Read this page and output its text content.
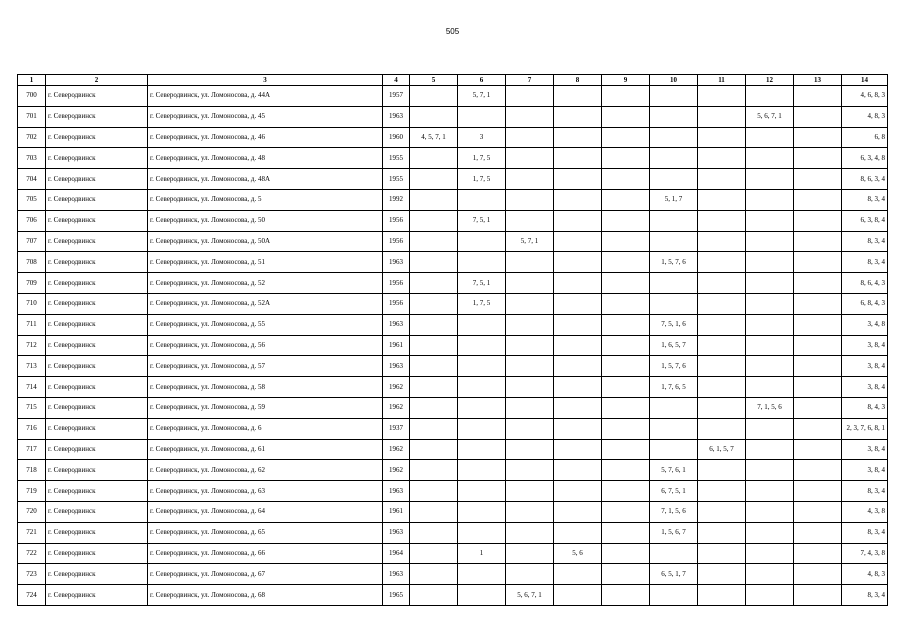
505
1	2	3	4	5	6	7	8	9	10	11	12	13	14
700	г. Северодвинск	г. Северодвинск, ул. Ломоносова, д. 44А	1957		5, 7, 1								4, 6, 8, 3
701	г. Северодвинск	г. Северодвинск, ул. Ломоносова, д. 45	1963								5, 6, 7, 1		4, 8, 3
702	г. Северодвинск	г. Северодвинск, ул. Ломоносова, д. 46	1960	4, 5, 7, 1	3								6, 8
703	г. Северодвинск	г. Северодвинск, ул. Ломоносова, д. 48	1955		1, 7, 5								6, 3, 4, 8
704	г. Северодвинск	г. Северодвинск, ул. Ломоносова, д. 48А	1955		1, 7, 5								8, 6, 3, 4
705	г. Северодвинск	г. Северодвинск, ул. Ломоносова, д. 5	1992						5, 1, 7				8, 3, 4
706	г. Северодвинск	г. Северодвинск, ул. Ломоносова, д. 50	1956		7, 5, 1								6, 3, 8, 4
707	г. Северодвинск	г. Северодвинск, ул. Ломоносова, д. 50А	1956			5, 7, 1							8, 3, 4
708	г. Северодвинск	г. Северодвинск, ул. Ломоносова, д. 51	1963						1, 5, 7, 6				8, 3, 4
709	г. Северодвинск	г. Северодвинск, ул. Ломоносова, д. 52	1956		7, 5, 1								8, 6, 4, 3
710	г. Северодвинск	г. Северодвинск, ул. Ломоносова, д. 52А	1956		1, 7, 5								6, 8, 4, 3
711	г. Северодвинск	г. Северодвинск, ул. Ломоносова, д. 55	1963						7, 5, 1, 6				3, 4, 8
712	г. Северодвинск	г. Северодвинск, ул. Ломоносова, д. 56	1961						1, 6, 5, 7				3, 8, 4
713	г. Северодвинск	г. Северодвинск, ул. Ломоносова, д. 57	1963						1, 5, 7, 6				3, 8, 4
714	г. Северодвинск	г. Северодвинск, ул. Ломоносова, д. 58	1962						1, 7, 6, 5				3, 8, 4
715	г. Северодвинск	г. Северодвинск, ул. Ломоносова, д. 59	1962								7, 1, 5, 6		8, 4, 3
716	г. Северодвинск	г. Северодвинск, ул. Ломоносова, д. 6	1937										2, 3, 7, 6, 8, 1
717	г. Северодвинск	г. Северодвинск, ул. Ломоносова, д. 61	1962							6, 1, 5, 7			3, 8, 4
718	г. Северодвинск	г. Северодвинск, ул. Ломоносова, д. 62	1962						5, 7, 6, 1				3, 8, 4
719	г. Северодвинск	г. Северодвинск, ул. Ломоносова, д. 63	1963						6, 7, 5, 1				8, 3, 4
720	г. Северодвинск	г. Северодвинск, ул. Ломоносова, д. 64	1961						7, 1, 5, 6				4, 3, 8
721	г. Северодвинск	г. Северодвинск, ул. Ломоносова, д. 65	1963						1, 5, 6, 7				8, 3, 4
722	г. Северодвинск	г. Северодвинск, ул. Ломоносова, д. 66	1964		1		5, 6						7, 4, 3, 8
723	г. Северодвинск	г. Северодвинск, ул. Ломоносова, д. 67	1963						6, 5, 1, 7				4, 8, 3
724	г. Северодвинск	г. Северодвинск, ул. Ломоносова, д. 68	1965			5, 6, 7, 1							8, 3, 4
